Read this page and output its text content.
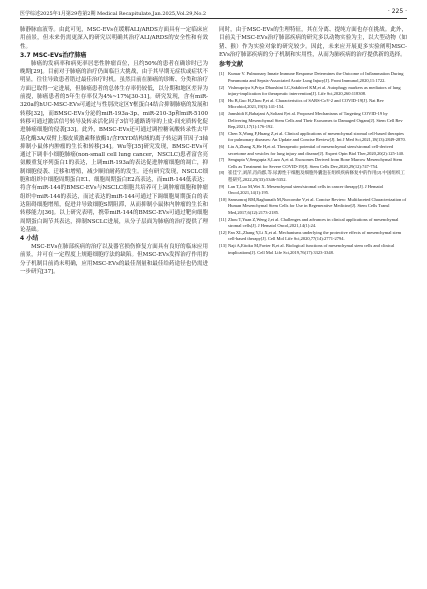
医学综述2025年1月第29卷第2期 Medical Recapitulate,Jan.2025,Vol.29,No.2	· 225 ·

肺静脉血液等。由此可见，MSC-EVs在缓解ALI/ARDS方面具有一定临床应用前景，但未来仍需更深入的研究以明确其治疗ALI/ARDS的安全性和有效性。

3.7 MSC-EVs治疗肺癌

肺癌的发病率和病死率居恶性肿瘤首位，且约50%的患者在确诊时已为晚期[29]。目前对于肺癌的治疗仍面临巨大挑战，由于其早期无症状或症状不明显，往往导致患者错过最佳治疗时机。虽然目前在肺癌的诊断、分类和治疗方面已取得一定进展，但肺癌患者的总体生存率仍较低，以分期和地区差异为前提，肺癌患者的5年生存率仅为4%~17%[30-31]。研究发现，含有miR-320a的hUC-MSC-EVs可通过与性别决定区Y框蛋白4结合抑制肺癌的发展和转移[32]，而BMSC-EVs分泌的miR-193a-3p、miR-210-3p和miR-5100转移可通过激活信号转导及转录活化因子3信号通路诱导的上皮-间充质转化促进肺癌细胞的侵袭[33]。此外，BMSC-EVs还可通过调控糖氧酸转录性去甲基化酶3A/双臂上腺皮质激素释放酶1/含FXYD结构域的离子转运调节因子3轴抑制小鼠体内肿瘤的生长和转移[34]。Wu等[35]研究发现，BMSC-EVs可通过下调非小细胞肺癌(non-small cell lung cancer，NSCLC)患者富含亮氨酸重复序列蛋白1的表达，上调miR-193a的表达促进肿瘤细胞的凋亡，抑制细胞侵袭、迁移和增殖，减少顺铂耐药的发生。还有研究发现，NSCLC细胞和组织中细胞周期蛋白E1、细胞周期蛋白E2高表达，而miR-144低表达；将含有miR-144的BMSC-EVs与NSCLC细胞共培养可上调肿瘤细胞和肿瘤组织中miR-144的表达，而过表达的miR-144可通过下调细胞周期蛋白的表达阻碍细胞增殖，促进并导致细胞S期阻滞，从而抑制小鼠体内肿瘤的生长和转移能力[36]。以上研究表明，携带miR-144的BMSC-EVs可通过靶向细胞周期蛋白调节其表达，抑制NSCLC进展，从分子层面为肺癌的治疗提供了理论基础。

4 小结

MSC-EVs在肺部疾病的治疗以及器官损伤修复方面具有良好的临床应用前景，并可在一定程度上规避细胞疗法的缺陷。但MSC-EVs发挥治疗作用的分子机制目前尚未明确，应用MSC-EVs的最佳剂量和最佳给药途径也仍需进一步研究[37]。

同时，由于MSC-EVs的生理特征，其在分离、提纯方面也存在挑战。此外，目前关于MSC-EVs治疗肺部疾病的研究多以动物实验为主，以大型动物（如猪、猴）作为实验对象的研究较少。因此，未来应开展更多实验阐明MSC-EVs治疗肺部疾病的分子机制和实用性，从而为肺疾病的治疗提供新的选择。

参考文献
[1] Kumar V. Pulmonary Innate Immune Response Determines the Outcome of Inflammation During Pneumonia and Sepsis-Associated Acute Lung Injury[J]. Front Immunol,2020,11:1722.
[2] Vishnupriya S,Priya Dharshini LC,Sakthivel KM,et al. Autophagy markers as mediators of lung injury-implication for therapeutic intervention[J]. Life Sci,2020,260:118308.
[3] Hu B,Guo H,Zhou P,et al. Characteristics of SARS-CoV-2 and COVID-19[J]. Nat Rev Microbiol,2021,19(3):141-154.
[4] Jamshidi E,Babajani A,Soltani P,et al. Proposed Mechanisms of Targeting COVID-19 by Delivering Mesenchymal Stem Cells and Their Exosomes to Damaged Organs[J]. Stem Cell Rev Rep,2021,17(1):176-192.
[5] Chen X,Wang F,Huang Z,et al. Clinical applications of mesenchymal stromal cell-based therapies for pulmonary diseases: An Update and Concise Review[J]. Int J Med Sci,2021,18(13):2849-2870.
[6] Liu A,Zhang X,He H,et al. Therapeutic potential of mesenchymal stem/stromal cell-derived secretome and vesicles for lung injury and disease[J]. Expert Opin Biol Ther,2020,20(2):125-140.
[7] Sengupta V,Sengupta S,Lazo A,et al. Exosomes Derived from Bone Marrow Mesenchymal Stem Cells as Treatment for Severe COVID-19[J]. Stem Cells Dev,2020,29(12):747-754.
[8] 崔佳宁,刘萍,肖尚郡,等.尿源性干细胞及细胞外囊泡在组织疾病修复中的作用[J].中国组织工程研究,2022,25(33):5346-5352.
[9] Lan T,Luo M,Wei X. Mesenchymal stem/stromal cells in cancer therapy[J]. J Hematol Oncol,2021,14(1):195.
[10] Samsonraj RM,Raghunath M,Nurcombe V,et al. Concise Review: Multifaceted Characterization of Human Mesenchymal Stem Cells for Use in Regenerative Medicine[J]. Stem Cells Transl Med,2017,6(12):2173-2185.
[11] Zhou T,Yuan Z,Weng J,et al. Challenges and advances in clinical applications of mesenchymal stromal cells[J]. J Hematol Oncol,2021,14(1):24.
[12] Fan XL,Zhang Y,Li X,et al. Mechanisms underlying the protective effects of mesenchymal stem cell-based therapy[J]. Cell Mol Life Sci,2020,77(14):2771-2794.
[13] Naji A,Eitoku M,Favier B,et al. Biological functions of mesenchymal stem cells and clinical implications[J]. Cell Mol Life Sci,2019,76(17):3323-3348.
